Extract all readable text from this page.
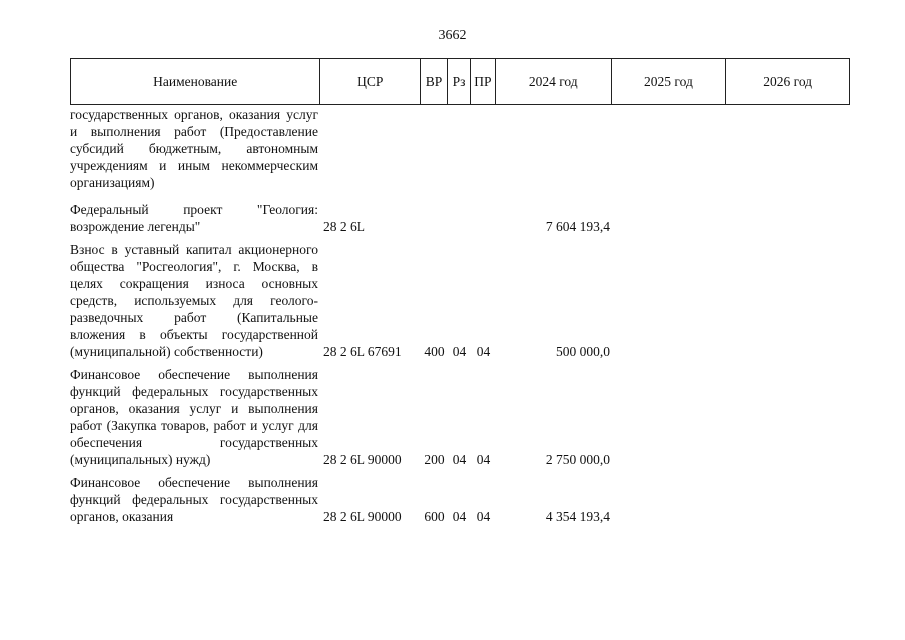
3662
Наименование	ЦСР	ВР Рз ПР	2024 год	2025 год	2026 год
государственных органов, оказания услуг и выполнения работ (Предоставление субсидий бюджетным, автономным учреждениям и иным некоммерческим организациям)
Федеральный проект "Геология: возрождение легенды"	28 2 6L	7 604 193,4
Взнос в уставный капитал акционерного общества "Росгеология", г. Москва, в целях сокращения износа основных средств, используемых для геолого-разведочных работ (Капитальные вложения в объекты государственной (муниципальной) собственности)	28 2 6L 67691	400 04 04	500 000,0
Финансовое обеспечение выполнения функций федеральных государственных органов, оказания услуг и выполнения работ (Закупка товаров, работ и услуг для обеспечения государственных (муниципальных) нужд)	28 2 6L 90000	200 04 04	2 750 000,0
Финансовое обеспечение выполнения функций федеральных государственных органов, оказания	28 2 6L 90000	600 04 04	4 354 193,4
